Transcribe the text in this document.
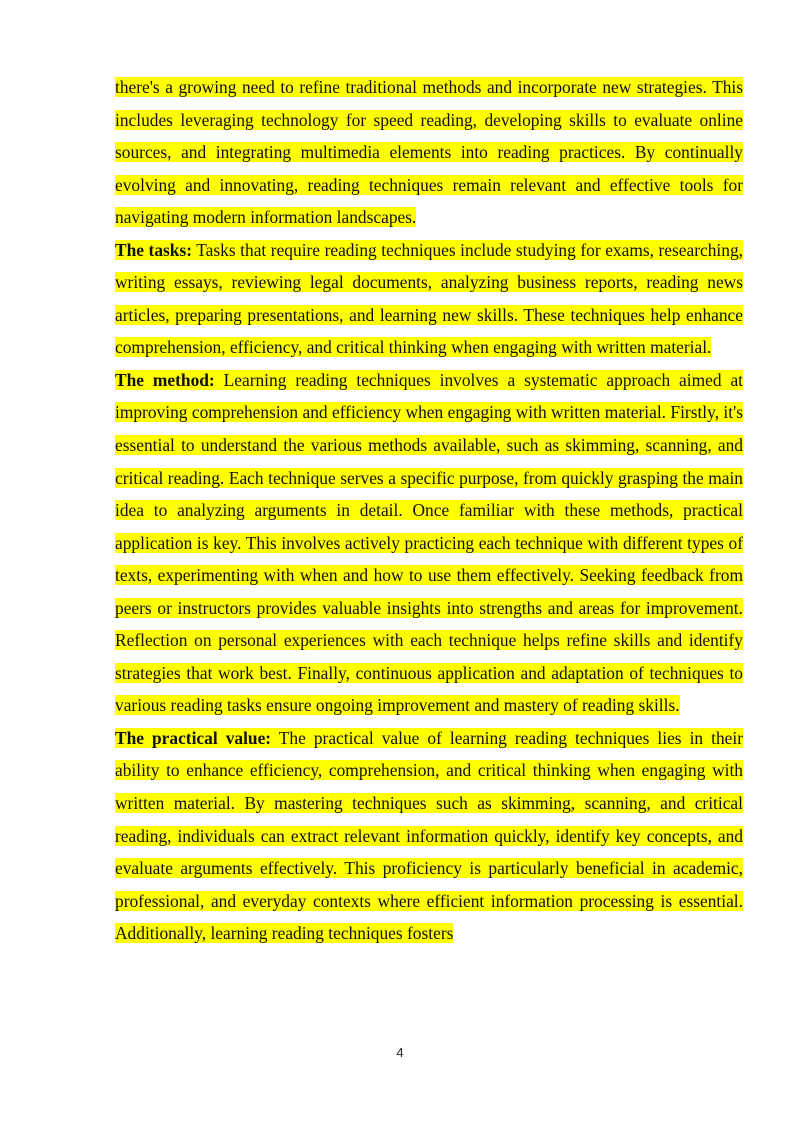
there's a growing need to refine traditional methods and incorporate new strategies. This includes leveraging technology for speed reading, developing skills to evaluate online sources, and integrating multimedia elements into reading practices. By continually evolving and innovating, reading techniques remain relevant and effective tools for navigating modern information landscapes.

The tasks: Tasks that require reading techniques include studying for exams, researching, writing essays, reviewing legal documents, analyzing business reports, reading news articles, preparing presentations, and learning new skills. These techniques help enhance comprehension, efficiency, and critical thinking when engaging with written material.

The method: Learning reading techniques involves a systematic approach aimed at improving comprehension and efficiency when engaging with written material. Firstly, it's essential to understand the various methods available, such as skimming, scanning, and critical reading. Each technique serves a specific purpose, from quickly grasping the main idea to analyzing arguments in detail. Once familiar with these methods, practical application is key. This involves actively practicing each technique with different types of texts, experimenting with when and how to use them effectively. Seeking feedback from peers or instructors provides valuable insights into strengths and areas for improvement. Reflection on personal experiences with each technique helps refine skills and identify strategies that work best. Finally, continuous application and adaptation of techniques to various reading tasks ensure ongoing improvement and mastery of reading skills.

The practical value: The practical value of learning reading techniques lies in their ability to enhance efficiency, comprehension, and critical thinking when engaging with written material. By mastering techniques such as skimming, scanning, and critical reading, individuals can extract relevant information quickly, identify key concepts, and evaluate arguments effectively. This proficiency is particularly beneficial in academic, professional, and everyday contexts where efficient information processing is essential. Additionally, learning reading techniques fosters

4
